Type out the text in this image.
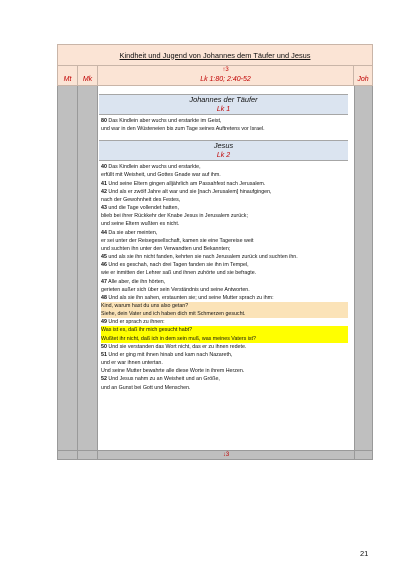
Kindheit und Jugend von Johannes dem Täufer und Jesus
Mt	Mk
↑3
Lk 1:80; 2:40-52	Joh
Johannes der Täufer
Lk 1
80 Das Kindlein aber wuchs und erstarkte im Geist,
und war in den Wüsteneien bis zum Tage seines Auftretens vor Israel.
Jesus
Lk 2
40 Das Kindlein aber wuchs und erstarkte,
erfüllt mit Weisheit, und Gottes Gnade war auf ihm.
41 Und seine Eltern gingen alljährlich am Passahfest nach Jerusalem.
42 Und als er zwölf Jahre alt war und sie [nach Jerusalem] hinaufgingen,
nach der Gewohnheit des Festes,
43 und die Tage vollendet hatten,
blieb bei ihrer Rückkehr der Knabe Jesus in Jerusalem zurück;
und seine Eltern wußten es nicht.
44 Da sie aber meinten,
er sei unter der Reisegesellschaft, kamen sie eine Tagereise weit
und suchten ihn unter den Verwandten und Bekannten;
45 und als sie ihn nicht fanden, kehrten sie nach Jerusalem zurück und suchten ihn.
46 Und es geschah, nach drei Tagen fanden sie ihn im Tempel,
wie er inmitten der Lehrer saß und ihnen zuhörte und sie befragte.
47 Alle aber, die ihn hörten,
gerieten außer sich über sein Verständnis und seine Antworten.
48 Und als sie ihn sahen, erstaunten sie; und seine Mutter sprach zu ihm:
Kind, warum hast du uns also getan?
Siehe, dein Vater und ich haben dich mit Schmerzen gesucht.
49 Und er sprach zu ihnen:
Was ist es, daß ihr mich gesucht habt?
Wußtet ihr nicht, daß ich in dem sein muß, was meines Vaters ist?
50 Und sie verstanden das Wort nicht, das er zu ihnen redete.
51 Und er ging mit ihnen hinab und kam nach Nazareth,
und er war ihnen untertan.
Und seine Mutter bewahrte alle diese Worte in ihrem Herzen.
52 Und Jesus nahm zu an Weisheit und an Größe,
und an Gunst bei Gott und Menschen.
↓3
21
